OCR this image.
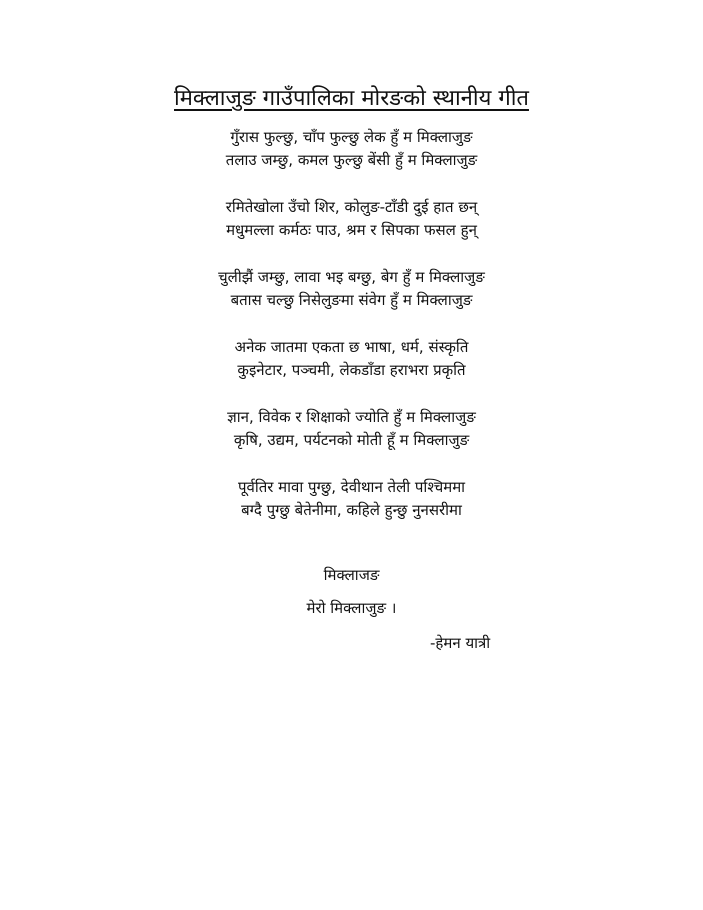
मिक्लाजुङ गाउँपालिका मोरङको स्थानीय गीत
गुँरास फुल्छु, चाँप फुल्छु लेक हुँ म मिक्लाजुङ
तलाउ जम्छु, कमल फुल्छु बेंसी हुँ म मिक्लाजुङ
रमितेखोला उँचो शिर, कोलुङ-टाँडी दुई हात छन्
मधुमल्ला कर्मठः पाउ, श्रम र सिपका फसल हुन्
चुलीझैं जम्छु, लावा भइ बग्छु, बेग हुँ म मिक्लाजुङ
बतास चल्छु निसेलुङमा संवेग हुँ म मिक्लाजुङ
अनेक जातमा एकता छ भाषा, धर्म, संस्कृति
कुइनेटार, पञ्चमी, लेकडाँडा हराभरा प्रकृति
ज्ञान, विवेक र शिक्षाको ज्योति हुँ म मिक्लाजुङ
कृषि, उद्यम, पर्यटनको मोती हूँ म मिक्लाजुङ
पूर्वतिर मावा पुग्छु, देवीथान तेली पश्चिममा
बग्दै पुग्छु बेतेनीमा, कहिले हुन्छु नुनसरीमा
मिक्लाजङ
मेरो मिक्लाजुङ ।
-हेमन यात्री
